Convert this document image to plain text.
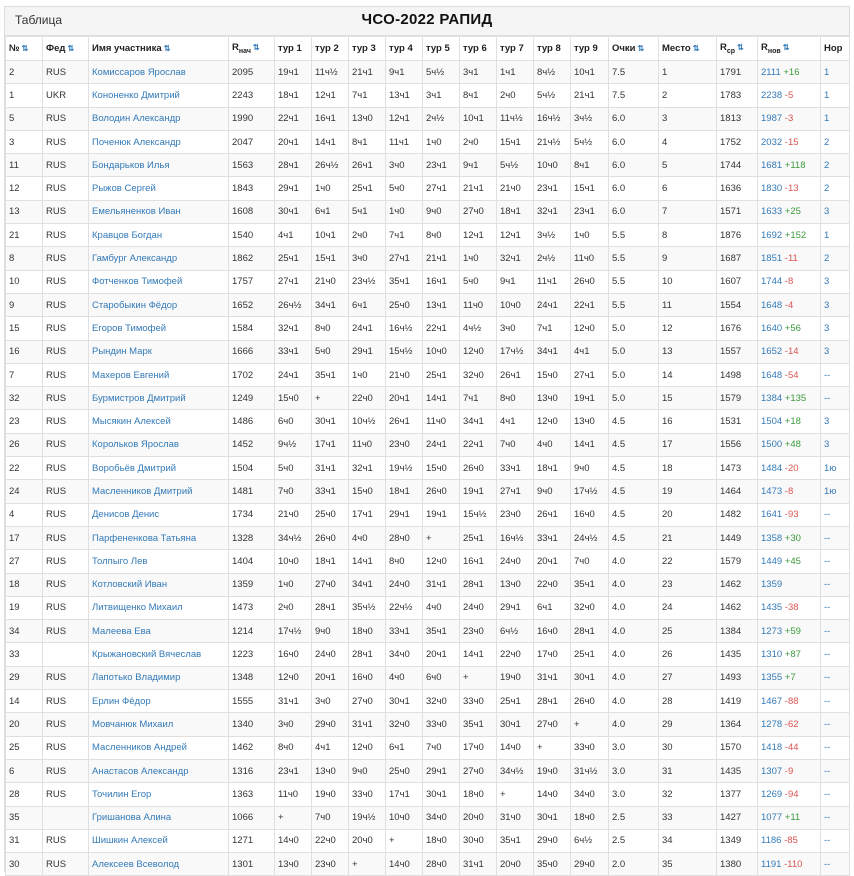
Таблица	ЧСО-2022 РАПИД
№ ⇅	Фед ⇅	Имя участника ⇅	$R_{нач}$ ⇅	тур 1	тур 2	тур 3	тур 4	тур 5	тур 6	тур 7	тур 8	тур 9	Очки ⇅	Место ⇅	$R_{ср}$ ⇅	$R_{нов}$ ⇅	Нор
2	RUS	Комиссаров Ярослав	2095	19ч1	11ч½	21ч1	9ч1	5ч½	3ч1	1ч1	8ч½	10ч1	7.5	1	1791	2111 +16	1
1	UKR	Кононенко Дмитрий	2243	18ч1	12ч1	7ч1	13ч1	3ч1	8ч1	2ч0	5ч½	21ч1	7.5	2	1783	2238 -5	1
5	RUS	Володин Александр	1990	22ч1	16ч1	13ч0	12ч1	2ч½	10ч1	11ч½	16ч½	3ч½	6.0	3	1813	1987 -3	1
3	RUS	Поченюк Александр	2047	20ч1	14ч1	8ч1	11ч1	1ч0	2ч0	15ч1	21ч½	5ч½	6.0	4	1752	2032 -15	2
11	RUS	Бондарьков Илья	1563	28ч1	26ч½	26ч1	3ч0	23ч1	9ч1	5ч½	10ч0	8ч1	6.0	5	1744	1681 +118	2
12	RUS	Рыжов Сергей	1843	29ч1	1ч0	25ч1	5ч0	27ч1	21ч1	21ч0	23ч1	15ч1	6.0	6	1636	1830 -13	2
13	RUS	Емельяненков Иван	1608	30ч1	6ч1	5ч1	1ч0	9ч0	27ч0	18ч1	32ч1	23ч1	6.0	7	1571	1633 +25	3
21	RUS	Кравцов Богдан	1540	4ч1	10ч1	2ч0	7ч1	8ч0	12ч1	12ч1	3ч½	1ч0	5.5	8	1876	1692 +152	1
8	RUS	Гамбург Александр	1862	25ч1	15ч1	3ч0	27ч1	21ч1	1ч0	32ч1	2ч½	11ч0	5.5	9	1687	1851 -11	2
10	RUS	Фотченков Тимофей	1757	27ч1	21ч0	23ч½	35ч1	16ч1	5ч0	9ч1	11ч1	26ч0	5.5	10	1607	1744 -8	3
9	RUS	Старобыкин Фёдор	1652	26ч½	34ч1	6ч1	25ч0	13ч1	11ч0	10ч0	24ч1	22ч1	5.5	11	1554	1648 -4	3
15	RUS	Егоров Тимофей	1584	32ч1	8ч0	24ч1	16ч½	22ч1	4ч½	3ч0	7ч1	12ч0	5.0	12	1676	1640 +56	3
16	RUS	Рындин Марк	1666	33ч1	5ч0	29ч1	15ч½	10ч0	12ч0	17ч½	34ч1	4ч1	5.0	13	1557	1652 -14	3
7	RUS	Махеров Евгений	1702	24ч1	35ч1	1ч0	21ч0	25ч1	32ч0	26ч1	15ч0	27ч1	5.0	14	1498	1648 -54	--
32	RUS	Бурмистров Дмитрий	1249	15ч0	+	22ч0	20ч1	14ч1	7ч1	8ч0	13ч0	19ч1	5.0	15	1579	1384 +135	--
23	RUS	Мысякин Алексей	1486	6ч0	30ч1	10ч½	26ч1	11ч0	34ч1	4ч1	12ч0	13ч0	4.5	16	1531	1504 +18	3
26	RUS	Корольков Ярослав	1452	9ч½	17ч1	11ч0	23ч0	24ч1	22ч1	7ч0	4ч0	14ч1	4.5	17	1556	1500 +48	3
22	RUS	Воробьёв Дмитрий	1504	5ч0	31ч1	32ч1	19ч½	15ч0	26ч0	33ч1	18ч1	9ч0	4.5	18	1473	1484 -20	1ю
24	RUS	Масленников Дмитрий	1481	7ч0	33ч1	15ч0	18ч1	26ч0	19ч1	27ч1	9ч0	17ч½	4.5	19	1464	1473 -8	1ю
4	RUS	Денисов Денис	1734	21ч0	25ч0	17ч1	29ч1	19ч1	15ч½	23ч0	26ч1	16ч0	4.5	20	1482	1641 -93	--
17	RUS	Парфененкова Татьяна	1328	34ч½	26ч0	4ч0	28ч0	+	25ч1	16ч½	33ч1	24ч½	4.5	21	1449	1358 +30	--
27	RUS	Толпыго Лев	1404	10ч0	18ч1	14ч1	8ч0	12ч0	16ч1	24ч0	20ч1	7ч0	4.0	22	1579	1449 +45	--
18	RUS	Котловский Иван	1359	1ч0	27ч0	34ч1	24ч0	31ч1	28ч1	13ч0	22ч0	35ч1	4.0	23	1462	1359	--
19	RUS	Литвищенко Михаил	1473	2ч0	28ч1	35ч½	22ч½	4ч0	24ч0	29ч1	6ч1	32ч0	4.0	24	1462	1435 -38	--
34	RUS	Малеева Ева	1214	17ч½	9ч0	18ч0	33ч1	35ч1	23ч0	6ч½	16ч0	28ч1	4.0	25	1384	1273 +59	--
33		Крыжановский Вячеслав	1223	16ч0	24ч0	28ч1	34ч0	20ч1	14ч1	22ч0	17ч0	25ч1	4.0	26	1435	1310 +87	--
29	RUS	Лапотько Владимир	1348	12ч0	20ч1	16ч0	4ч0	6ч0	+	19ч0	31ч1	30ч1	4.0	27	1493	1355 +7	--
14	RUS	Ерлин Фёдор	1555	31ч1	3ч0	27ч0	30ч1	32ч0	33ч0	25ч1	28ч1	26ч0	4.0	28	1419	1467 -88	--
20	RUS	Мовчанюк Михаил	1340	3ч0	29ч0	31ч1	32ч0	33ч0	35ч1	30ч1	27ч0	+	4.0	29	1364	1278 -62	--
25	RUS	Масленников Андрей	1462	8ч0	4ч1	12ч0	6ч1	7ч0	17ч0	14ч0	+	33ч0	3.0	30	1570	1418 -44	--
6	RUS	Анастасов Александр	1316	23ч1	13ч0	9ч0	25ч0	29ч1	27ч0	34ч½	19ч0	31ч½	3.0	31	1435	1307 -9	--
28	RUS	Точилин Егор	1363	11ч0	19ч0	33ч0	17ч1	30ч1	18ч0	+	14ч0	34ч0	3.0	32	1377	1269 -94	--
35		Гришанова Алина	1066	+	7ч0	19ч½	10ч0	34ч0	20ч0	31ч0	30ч1	18ч0	2.5	33	1427	1077 +11	--
31	RUS	Шишкин Алексей	1271	14ч0	22ч0	20ч0	+	18ч0	30ч0	35ч1	29ч0	6ч½	2.5	34	1349	1186 -85	--
30	RUS	Алексеев Всеволод	1301	13ч0	23ч0	+	14ч0	28ч0	31ч1	20ч0	35ч0	29ч0	2.0	35	1380	1191 -110	--
